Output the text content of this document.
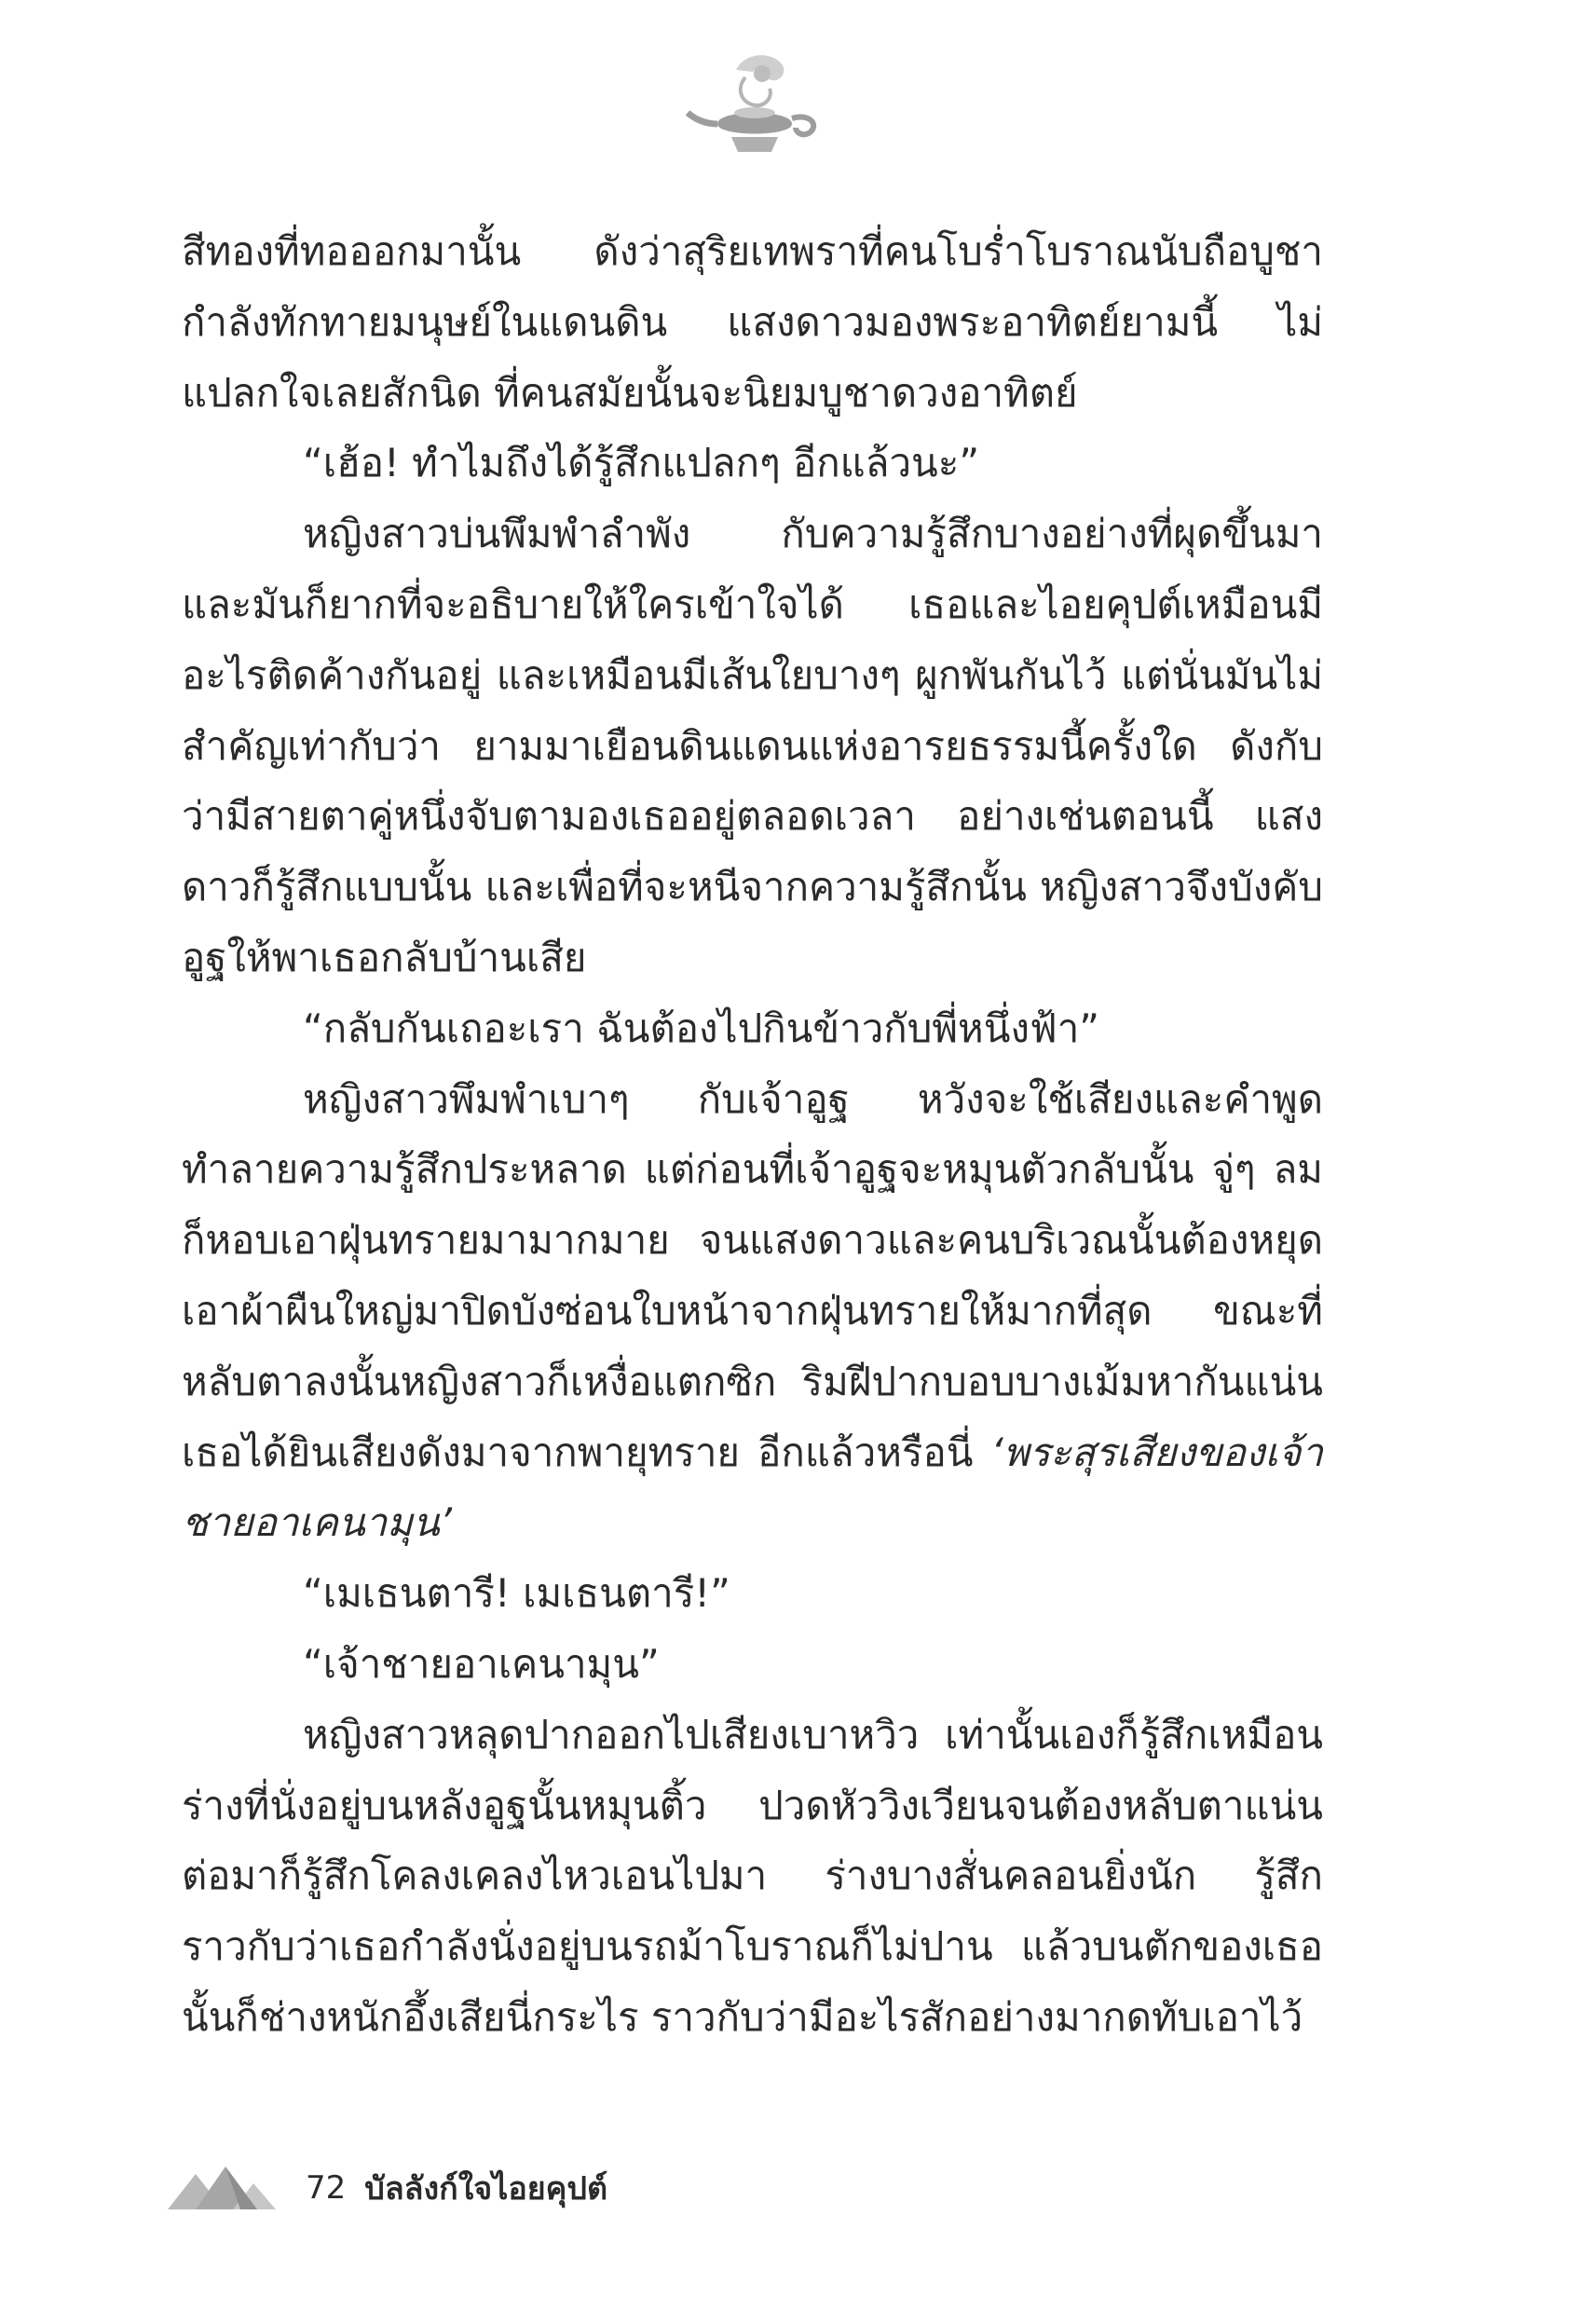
สีทองที่ทอออกมานั้น ดังว่าสุริยเทพราที่คนโบร่ำโบราณนับถือบูชา กำลังทักทายมนุษย์ในแดนดิน แสงดาวมองพระอาทิตย์ยามนี้ ไม่แปลกใจเลยสักนิด ที่คนสมัยนั้นจะนิยมบูชาดวงอาทิตย์

“เฮ้อ! ทำไมถึงได้รู้สึกแปลกๆ อีกแล้วนะ”

หญิงสาวบ่นพึมพำลำพัง กับความรู้สึกบางอย่างที่ผุดขึ้นมา และมันก็ยากที่จะอธิบายให้ใครเข้าใจได้ เธอและไอยคุปต์เหมือนมีอะไรติดค้างกันอยู่ และเหมือนมีเส้นใยบางๆ ผูกพันกันไว้ แต่นั่นมันไม่สำคัญเท่ากับว่า ยามมาเยือนดินแดนแห่งอารยธรรมนี้ครั้งใด ดังกับว่ามีสายตาคู่หนึ่งจับตามองเธออยู่ตลอดเวลา อย่างเช่นตอนนี้ แสงดาวก็รู้สึกแบบนั้น และเพื่อที่จะหนีจากความรู้สึกนั้น หญิงสาวจึงบังคับอูฐให้พาเธอกลับบ้านเสีย

“กลับกันเถอะเรา ฉันต้องไปกินข้าวกับพี่หนึ่งฟ้า”

หญิงสาวพึมพำเบาๆ กับเจ้าอูฐ หวังจะใช้เสียงและคำพูดทำลายความรู้สึกประหลาด แต่ก่อนที่เจ้าอูฐจะหมุนตัวกลับนั้น จู่ๆ ลมก็หอบเอาฝุ่นทรายมามากมาย จนแสงดาวและคนบริเวณนั้นต้องหยุดเอาผ้าผืนใหญ่มาปิดบังซ่อนใบหน้าจากฝุ่นทรายให้มากที่สุด ขณะที่หลับตาลงนั้นหญิงสาวก็เหงื่อแตกซิก ริมฝีปากบอบบางเม้มหากันแน่น เธอได้ยินเสียงดังมาจากพายุทราย อีกแล้วหรือนี่ ‘พระสุรเสียงของเจ้าชายอาเคนามุน’

“เมเธนตารี! เมเธนตารี!”

“เจ้าชายอาเคนามุน”

หญิงสาวหลุดปากออกไปเสียงเบาหวิว เท่านั้นเองก็รู้สึกเหมือนร่างที่นั่งอยู่บนหลังอูฐนั้นหมุนติ้ว ปวดหัววิงเวียนจนต้องหลับตาแน่น ต่อมาก็รู้สึกโคลงเคลงไหวเอนไปมา ร่างบางสั่นคลอนยิ่งนัก รู้สึกราวกับว่าเธอกำลังนั่งอยู่บนรถม้าโบราณก็ไม่ปาน แล้วบนตักของเธอนั้นก็ช่างหนักอึ้งเสียนี่กระไร ราวกับว่ามีอะไรสักอย่างมากดทับเอาไว้

72 บัลลังก์ใจไอยคุปต์
